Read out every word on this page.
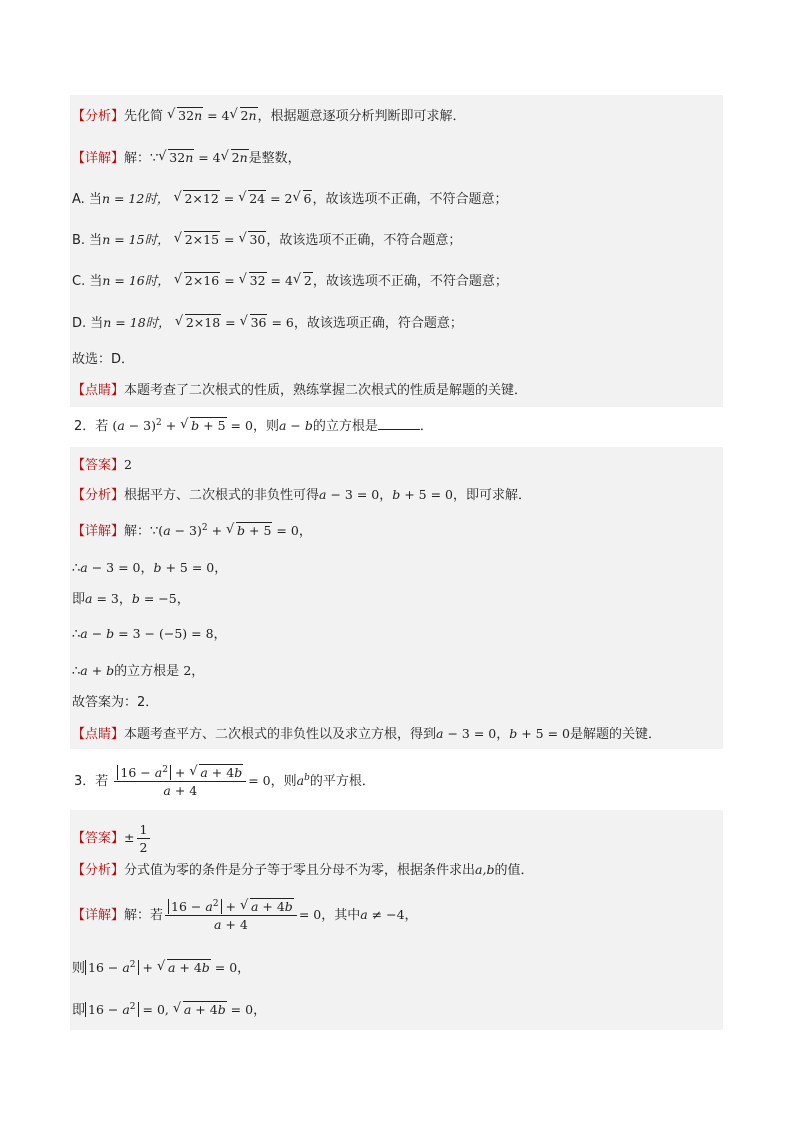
【分析】先化简 √ 32n = 4 √ 2n，根据题意逐项分析判断即可求解．
【详解】解：∵ √ 32n = 4 √ 2n是整数，
A. 当n = 12时， √ 2×12 = √ 24 = 2 √ 6，故该选项不正确，不符合题意；
B. 当n = 15时， √ 2×15 = √ 30，故该选项不正确，不符合题意；
C. 当n = 16时， √ 2×16 = √ 32 = 4 √ 2，故该选项不正确，不符合题意；
D. 当n = 18时， √ 2×18 = √ 36 = 6，故该选项正确，符合题意；
故选：D．
【点睛】本题考查了二次根式的性质，熟练掌握二次根式的性质是解题的关键．
2．若 $(a - 3)^2$ + √ b + 5 = 0，则a − b的立方根是	．
【答案】2
【分析】根据平方、二次根式的非负性可得a − 3 = 0，b + 5 = 0，即可求解．
【详解】解：∵(a − 3)$^2$ + √ b + 5 = 0，
∴a − 3 = 0，b + 5 = 0，
即a = 3，b = −5，
∴a − b = 3 − (−5) = 8，
∴a + b的立方根是 2，
故答案为：2．
【点睛】本题考查平方、二次根式的非负性以及求立方根，得到a − 3 = 0，b + 5 = 0是解题的关键．
3．若 $\frac{16 - a^2 + √ a + 4b}{a + 4} = 0$，则$a^b$的平方根．
【答案】± $\frac{1}{2}$
【分析】分式值为零的条件是分子等于零且分母不为零，根据条件求出a,b的值．
【详解】解：若 $\frac{16 - a^2 + √ a + 4b}{a + 4} = 0$，其中a ≠ −4，
则 $16 - a^2$ + √ a + 4b = 0，
即 $16 - a^2 = 0$, √ a + 4b = 0，
